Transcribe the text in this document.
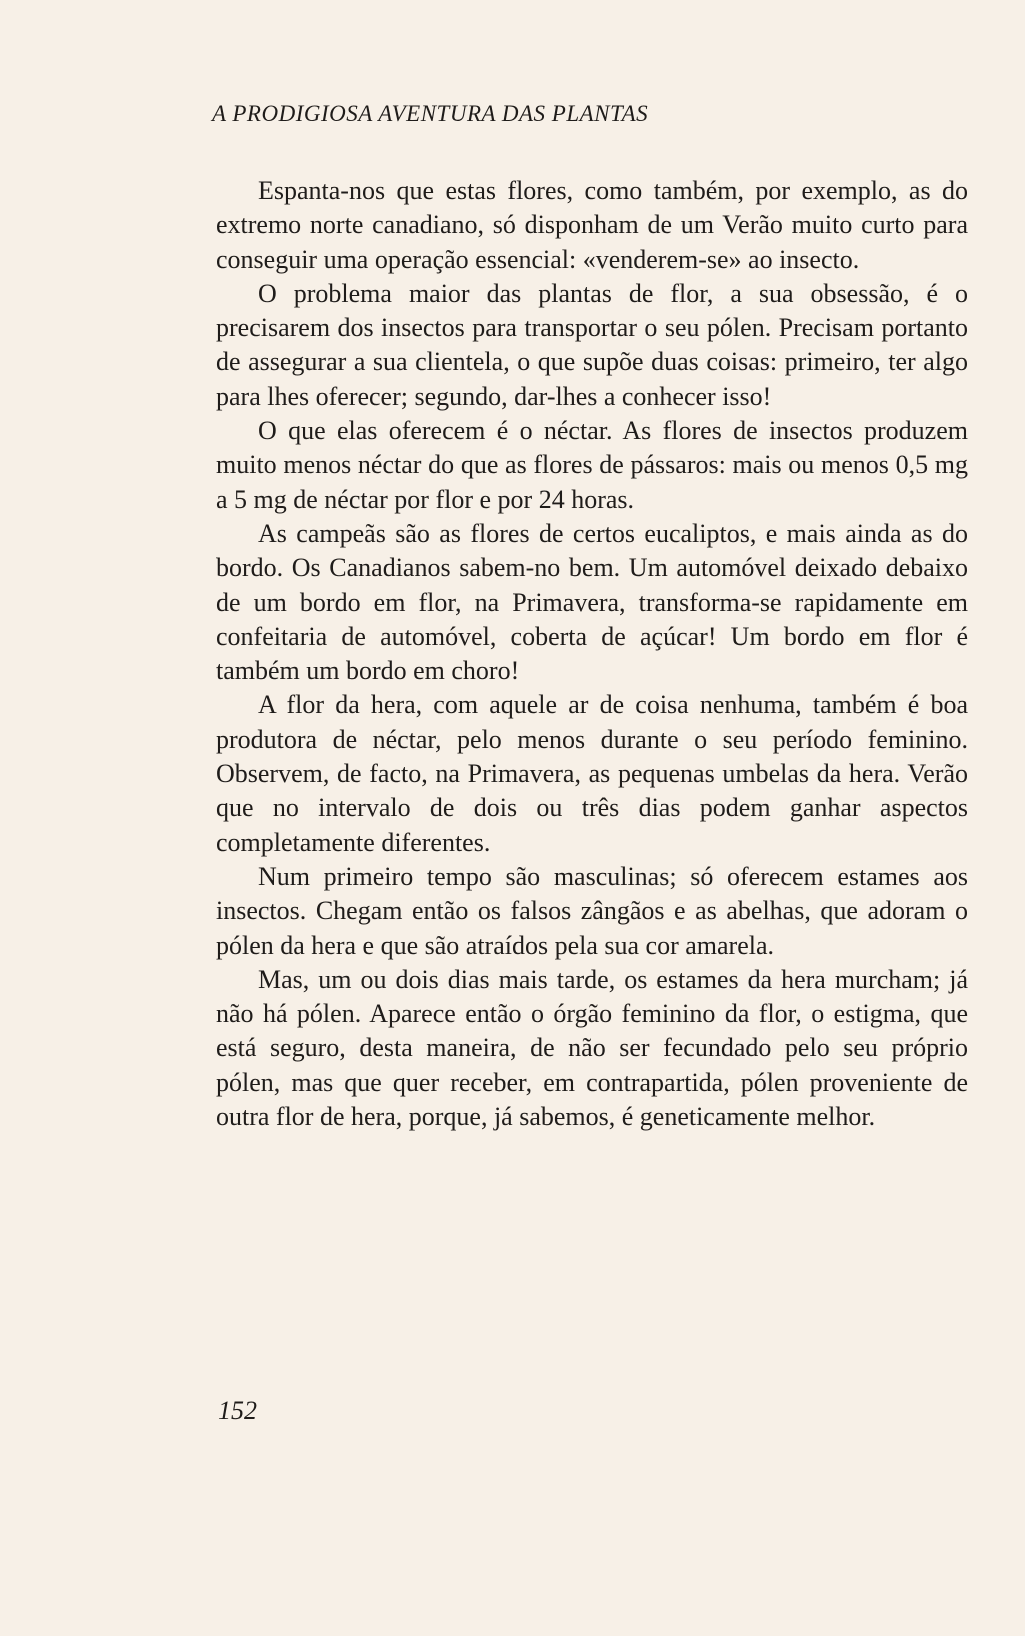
A PRODIGIOSA AVENTURA DAS PLANTAS

Espanta-nos que estas flores, como também, por exemplo, as do extremo norte canadiano, só disponham de um Verão muito curto para conseguir uma operação essencial: «venderem-se» ao insecto.

O problema maior das plantas de flor, a sua obsessão, é o precisarem dos insectos para transportar o seu pólen. Precisam portanto de assegurar a sua clientela, o que supõe duas coisas: primeiro, ter algo para lhes oferecer; segundo, dar-lhes a conhecer isso!

O que elas oferecem é o néctar. As flores de insectos produzem muito menos néctar do que as flores de pássaros: mais ou menos 0,5 mg a 5 mg de néctar por flor e por 24 horas.

As campeãs são as flores de certos eucaliptos, e mais ainda as do bordo. Os Canadianos sabem-no bem. Um automóvel deixado debaixo de um bordo em flor, na Primavera, transforma-se rapidamente em confeitaria de automóvel, coberta de açúcar! Um bordo em flor é também um bordo em choro!

A flor da hera, com aquele ar de coisa nenhuma, também é boa produtora de néctar, pelo menos durante o seu período feminino. Observem, de facto, na Primavera, as pequenas umbelas da hera. Verão que no intervalo de dois ou três dias podem ganhar aspectos completamente diferentes.

Num primeiro tempo são masculinas; só oferecem estames aos insectos. Chegam então os falsos zângãos e as abelhas, que adoram o pólen da hera e que são atraídos pela sua cor amarela.

Mas, um ou dois dias mais tarde, os estames da hera murcham; já não há pólen. Aparece então o órgão feminino da flor, o estigma, que está seguro, desta maneira, de não ser fecundado pelo seu próprio pólen, mas que quer receber, em contrapartida, pólen proveniente de outra flor de hera, porque, já sabemos, é geneticamente melhor.

152
